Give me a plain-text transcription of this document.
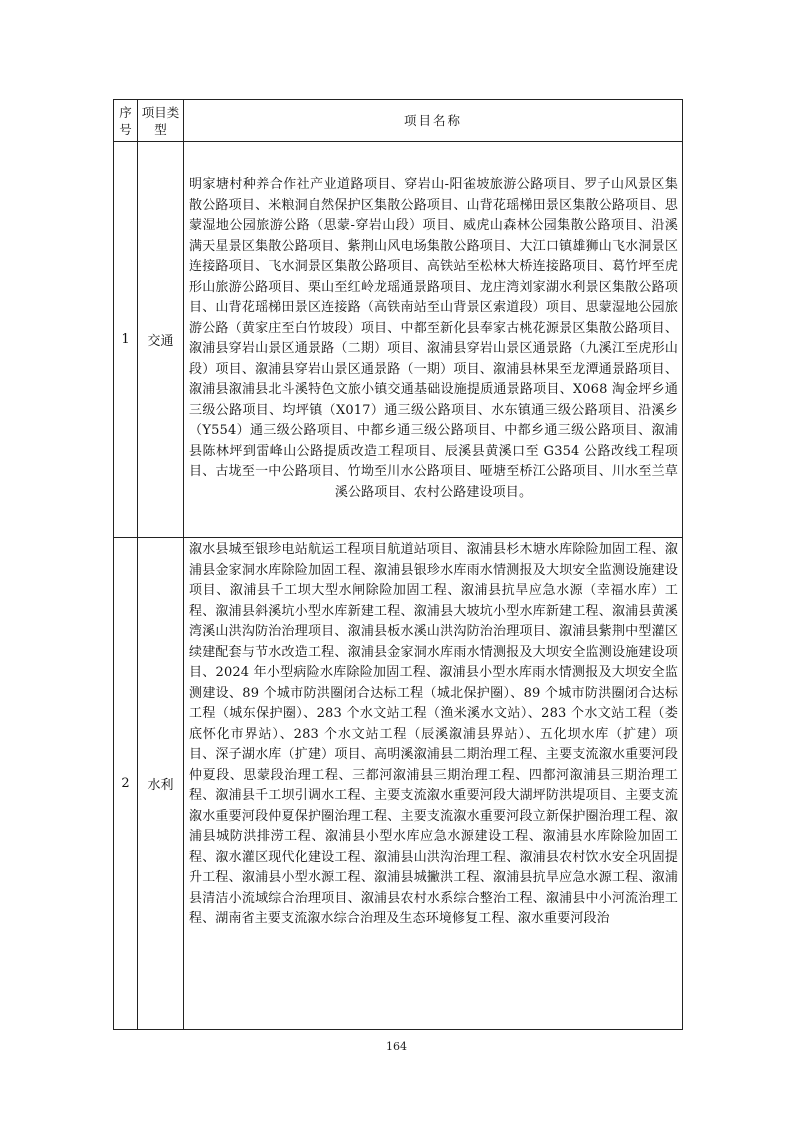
序号	项目类型	项目名称
1	交通	明家塘村种养合作社产业道路项目、穿岩山-阳雀坡旅游公路项目、罗子山风景区集散公路项目、米粮洞自然保护区集散公路项目、山背花瑶梯田景区集散公路项目、思蒙湿地公园旅游公路（思蒙-穿岩山段）项目、威虎山森林公园集散公路项目、沿溪满天星景区集散公路项目、紫荆山风电场集散公路项目、大江口镇雄狮山飞水洞景区连接路项目、飞水洞景区集散公路项目、高铁站至松林大桥连接路项目、葛竹坪至虎形山旅游公路项目、栗山至红岭龙瑶通景路项目、龙庄湾刘家湖水利景区集散公路项目、山背花瑶梯田景区连接路（高铁南站至山背景区索道段）项目、思蒙湿地公园旅游公路（黄家庄至白竹坡段）项目、中都至新化县奉家古桃花源景区集散公路项目、溆浦县穿岩山景区通景路（二期）项目、溆浦县穿岩山景区通景路（九溪江至虎形山段）项目、溆浦县穿岩山景区通景路（一期）项目、溆浦县林果至龙潭通景路项目、溆浦县溆浦县北斗溪特色文旅小镇交通基础设施提质通景路项目、X068 淘金坪乡通三级公路项目、均坪镇（X017）通三级公路项目、水东镇通三级公路项目、沿溪乡（Y554）通三级公路项目、中都乡通三级公路项目、中都乡通三级公路项目、溆浦县陈林坪到雷峰山公路提质改造工程项目、辰溪县黄溪口至 G354 公路改线工程项目、古垅至一中公路项目、竹坳至川水公路项目、哑塘至桥江公路项目、川水至兰草溪公路项目、农村公路建设项目。
2	水利	溆水县城至银珍电站航运工程项目航道站项目、溆浦县杉木塘水库除险加固工程、溆浦县金家洞水库除险加固工程、溆浦县银珍水库雨水情测报及大坝安全监测设施建设项目、溆浦县千工坝大型水闸除险加固工程、溆浦县抗旱应急水源（幸福水库）工程、溆浦县斜溪坑小型水库新建工程、溆浦县大坡坑小型水库新建工程、溆浦县黄溪湾溪山洪沟防治治理项目、溆浦县板水溪山洪沟防治治理项目、溆浦县紫荆中型灌区续建配套与节水改造工程、溆浦县金家洞水库雨水情测报及大坝安全监测设施建设项目、2024 年小型病险水库除险加固工程、溆浦县小型水库雨水情测报及大坝安全监测建设、89 个城市防洪圈闭合达标工程（城北保护圈）、89 个城市防洪圈闭合达标工程（城东保护圈）、283 个水文站工程（渔米溪水文站）、283 个水文站工程（娄底怀化市界站）、283 个水文站工程（辰溪溆浦县界站）、五化坝水库（扩建）项目、深子湖水库（扩建）项目、高明溪溆浦县二期治理工程、主要支流溆水重要河段仲夏段、思蒙段治理工程、三都河溆浦县三期治理工程、四都河溆浦县三期治理工程、溆浦县千工坝引调水工程、主要支流溆水重要河段大湖坪防洪堤项目、主要支流溆水重要河段仲夏保护圈治理工程、主要支流溆水重要河段立新保护圈治理工程、溆浦县城防洪排涝工程、溆浦县小型水库应急水源建设工程、溆浦县水库除险加固工程、溆水灌区现代化建设工程、溆浦县山洪沟治理工程、溆浦县农村饮水安全巩固提升工程、溆浦县小型水源工程、溆浦县城撇洪工程、溆浦县抗旱应急水源工程、溆浦县清洁小流域综合治理项目、溆浦县农村水系综合整治工程、溆浦县中小河流治理工程、湖南省主要支流溆水综合治理及生态环境修复工程、溆水重要河段治
164
